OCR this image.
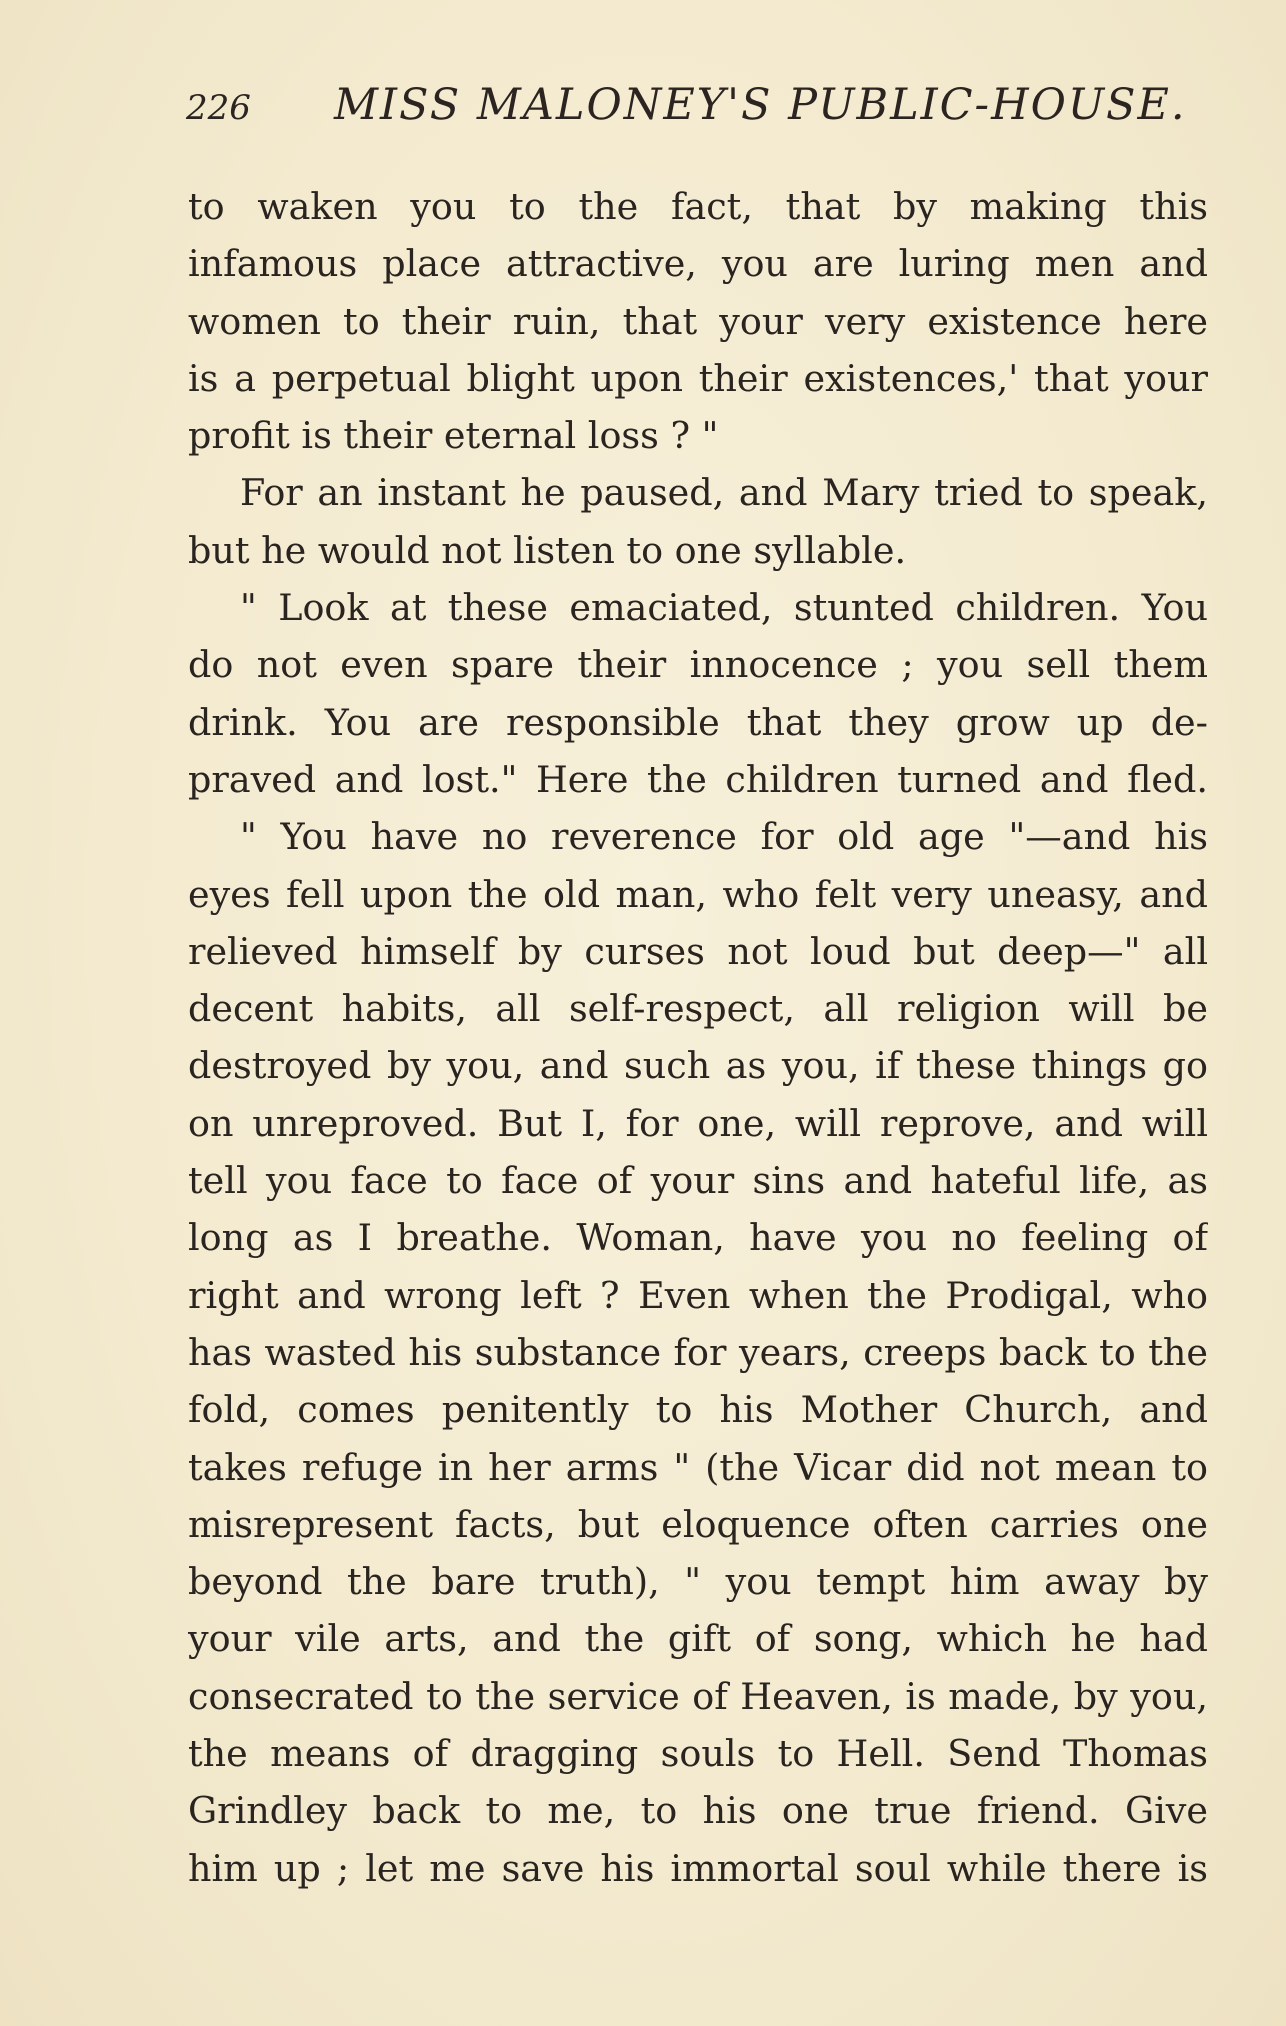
226 MISS MALONEY'S PUBLIC-HOUSE.
to waken you to the fact, that by making this
infamous place attractive, you are luring men and
women to their ruin, that your very existence here
is a perpetual blight upon their existences,' that your
profit is their eternal loss ? "
For an instant he paused, and Mary tried to speak,
but he would not listen to one syllable.
" Look at these emaciated, stunted children. You
do not even spare their innocence ; you sell them
drink. You are responsible that they grow up de-
praved and lost." Here the children turned and fled.
" You have no reverence for old age "—and his
eyes fell upon the old man, who felt very uneasy, and
relieved himself by curses not loud but deep—" all
decent habits, all self-respect, all religion will be
destroyed by you, and such as you, if these things go
on unreproved. But I, for one, will reprove, and will
tell you face to face of your sins and hateful life, as
long as I breathe. Woman, have you no feeling of
right and wrong left ? Even when the Prodigal, who
has wasted his substance for years, creeps back to the
fold, comes penitently to his Mother Church, and
takes refuge in her arms " (the Vicar did not mean to
misrepresent facts, but eloquence often carries one
beyond the bare truth), " you tempt him away by
your vile arts, and the gift of song, which he had
consecrated to the service of Heaven, is made, by you,
the means of dragging souls to Hell. Send Thomas
Grindley back to me, to his one true friend. Give
him up ; let me save his immortal soul while there is
